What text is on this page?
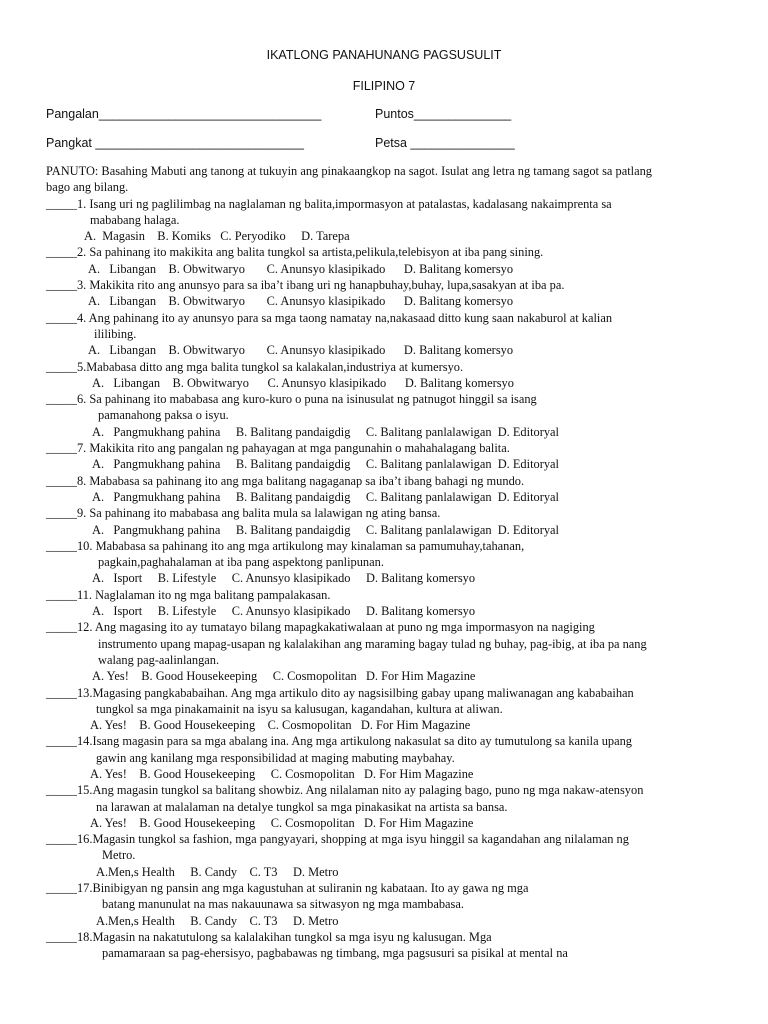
IKATLONG PANAHUNANG PAGSUSULIT
FILIPINO 7
Pangalan________________________________	Puntos______________
Pangkat ______________________________	Petsa _______________
PANUTO: Basahing Mabuti ang tanong at tukuyin ang pinakaangkop na sagot. Isulat ang letra ng tamang sagot sa patlang
bago ang bilang.
_____1. Isang uri ng paglilimbag na naglalaman ng balita,impormasyon at patalastas, kadalasang nakaimprenta sa
mababang halaga.
A.  Magasin    B. Komiks   C. Peryodiko     D. Tarepa
_____2. Sa pahinang ito makikita ang balita tungkol sa artista,pelikula,telebisyon at iba pang sining.
A.   Libangan    B. Obwitwaryo       C. Anunsyo klasipikado      D. Balitang komersyo
_____3. Makikita rito ang anunsyo para sa iba’t ibang uri ng hanapbuhay,buhay, lupa,sasakyan at iba pa.
A.   Libangan    B. Obwitwaryo       C. Anunsyo klasipikado      D. Balitang komersyo
_____4. Ang pahinang ito ay anunsyo para sa mga taong namatay na,nakasaad ditto kung saan nakaburol at kalian
ililibing.
A.   Libangan    B. Obwitwaryo       C. Anunsyo klasipikado      D. Balitang komersyo
_____5.Mababasa ditto ang mga balita tungkol sa kalakalan,industriya at kumersyo.
A.   Libangan    B. Obwitwaryo      C. Anunsyo klasipikado      D. Balitang komersyo
_____6. Sa pahinang ito mababasa ang kuro-kuro o puna na isinusulat ng patnugot hinggil sa isang
pamanahong paksa o isyu.
A.   Pangmukhang pahina     B. Balitang pandaigdig     C. Balitang panlalawigan  D. Editoryal
_____7. Makikita rito ang pangalan ng pahayagan at mga pangunahin o mahahalagang balita.
A.   Pangmukhang pahina     B. Balitang pandaigdig     C. Balitang panlalawigan  D. Editoryal
_____8. Mababasa sa pahinang ito ang mga balitang nagaganap sa iba’t ibang bahagi ng mundo.
A.   Pangmukhang pahina     B. Balitang pandaigdig     C. Balitang panlalawigan  D. Editoryal
_____9. Sa pahinang ito mababasa ang balita mula sa lalawigan ng ating bansa.
A.   Pangmukhang pahina     B. Balitang pandaigdig     C. Balitang panlalawigan  D. Editoryal
_____10. Mababasa sa pahinang ito ang mga artikulong may kinalaman sa pamumuhay,tahanan,
pagkain,paghahalaman at iba pang aspektong panlipunan.
A.   Isport     B. Lifestyle     C. Anunsyo klasipikado     D. Balitang komersyo
_____11. Naglalaman ito ng mga balitang pampalakasan.
A.   Isport     B. Lifestyle     C. Anunsyo klasipikado     D. Balitang komersyo
_____12. Ang magasing ito ay tumatayo bilang mapagkakatiwalaan at puno ng mga impormasyon na nagiging
instrumento upang mapag-usapan ng kalalakihan ang maraming bagay tulad ng buhay, pag-ibig, at iba pa nang
walang pag-aalinlangan.
A. Yes!    B. Good Housekeeping     C. Cosmopolitan   D. For Him Magazine
_____13.Magasing pangkababaihan. Ang mga artikulo dito ay nagsisilbing gabay upang maliwanagan ang kababaihan
tungkol sa mga pinakamainit na isyu sa kalusugan, kagandahan, kultura at aliwan.
A. Yes!    B. Good Housekeeping    C. Cosmopolitan   D. For Him Magazine
_____14.Isang magasin para sa mga abalang ina. Ang mga artikulong nakasulat sa dito ay tumutulong sa kanila upang
gawin ang kanilang mga responsibilidad at maging mabuting maybahay.
A. Yes!    B. Good Housekeeping     C. Cosmopolitan   D. For Him Magazine
_____15.Ang magasin tungkol sa balitang showbiz. Ang nilalaman nito ay palaging bago, puno ng mga nakaw-atensyon
na larawan at malalaman na detalye tungkol sa mga pinakasikat na artista sa bansa.
A. Yes!    B. Good Housekeeping     C. Cosmopolitan   D. For Him Magazine
_____16.Magasin tungkol sa fashion, mga pangyayari, shopping at mga isyu hinggil sa kagandahan ang nilalaman ng
Metro.
A.Men,s Health     B. Candy    C. T3     D. Metro
_____17.Binibigyan ng pansin ang mga kagustuhan at suliranin ng kabataan. Ito ay gawa ng mga
batang manunulat na mas nakauunawa sa sitwasyon ng mga mambabasa.
A.Men,s Health     B. Candy    C. T3     D. Metro
_____18.Magasin na nakatutulong sa kalalakihan tungkol sa mga isyu ng kalusugan. Mga
pamamaraan sa pag-ehersisyo, pagbabawas ng timbang, mga pagsusuri sa pisikal at mental na
